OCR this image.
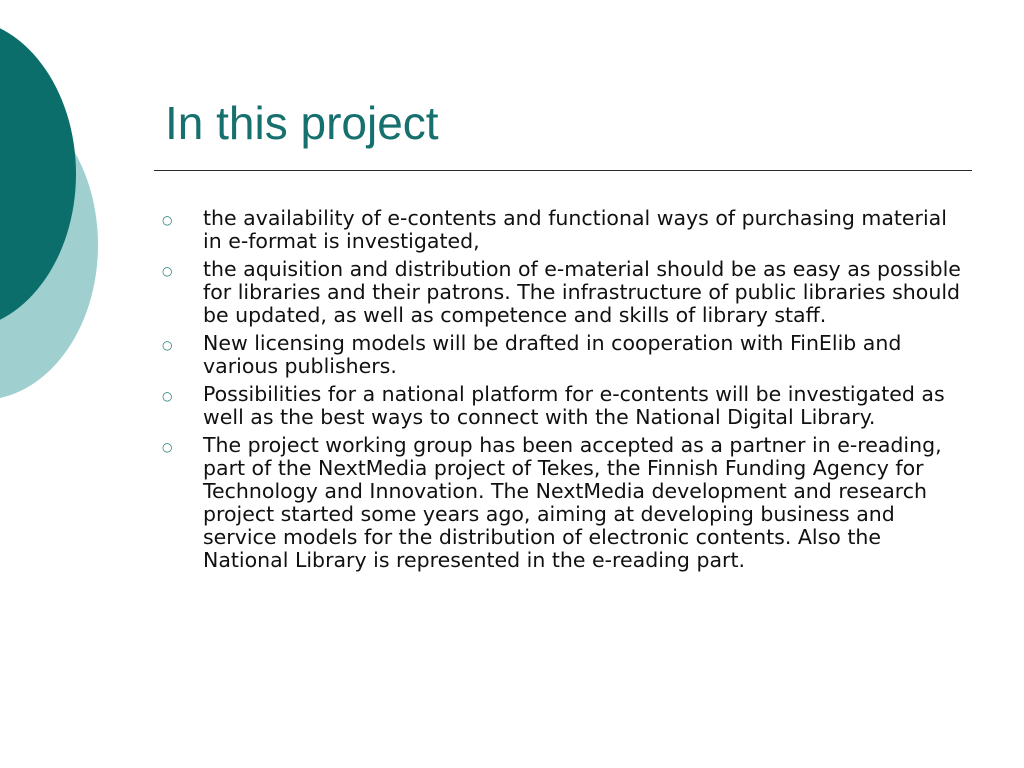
In this project
○	the availability of e-contents and functional ways of purchasing material in e-format is investigated,
○	the aquisition and distribution of e-material should be as easy as possible for libraries and their patrons. The infrastructure of public libraries should be updated, as well as competence and skills of library staff.
○	New licensing models will be drafted in cooperation with FinElib and various publishers.
○	Possibilities for a national platform for e-contents will be investigated as well as the best ways to connect with the National Digital Library.
○	The project working group has been accepted as a partner in e-reading, part of the NextMedia project of Tekes, the Finnish Funding Agency for Technology and Innovation. The NextMedia development and research project started some years ago, aiming at developing business and service models for the distribution of electronic contents. Also the National Library is represented in the e-reading part.
